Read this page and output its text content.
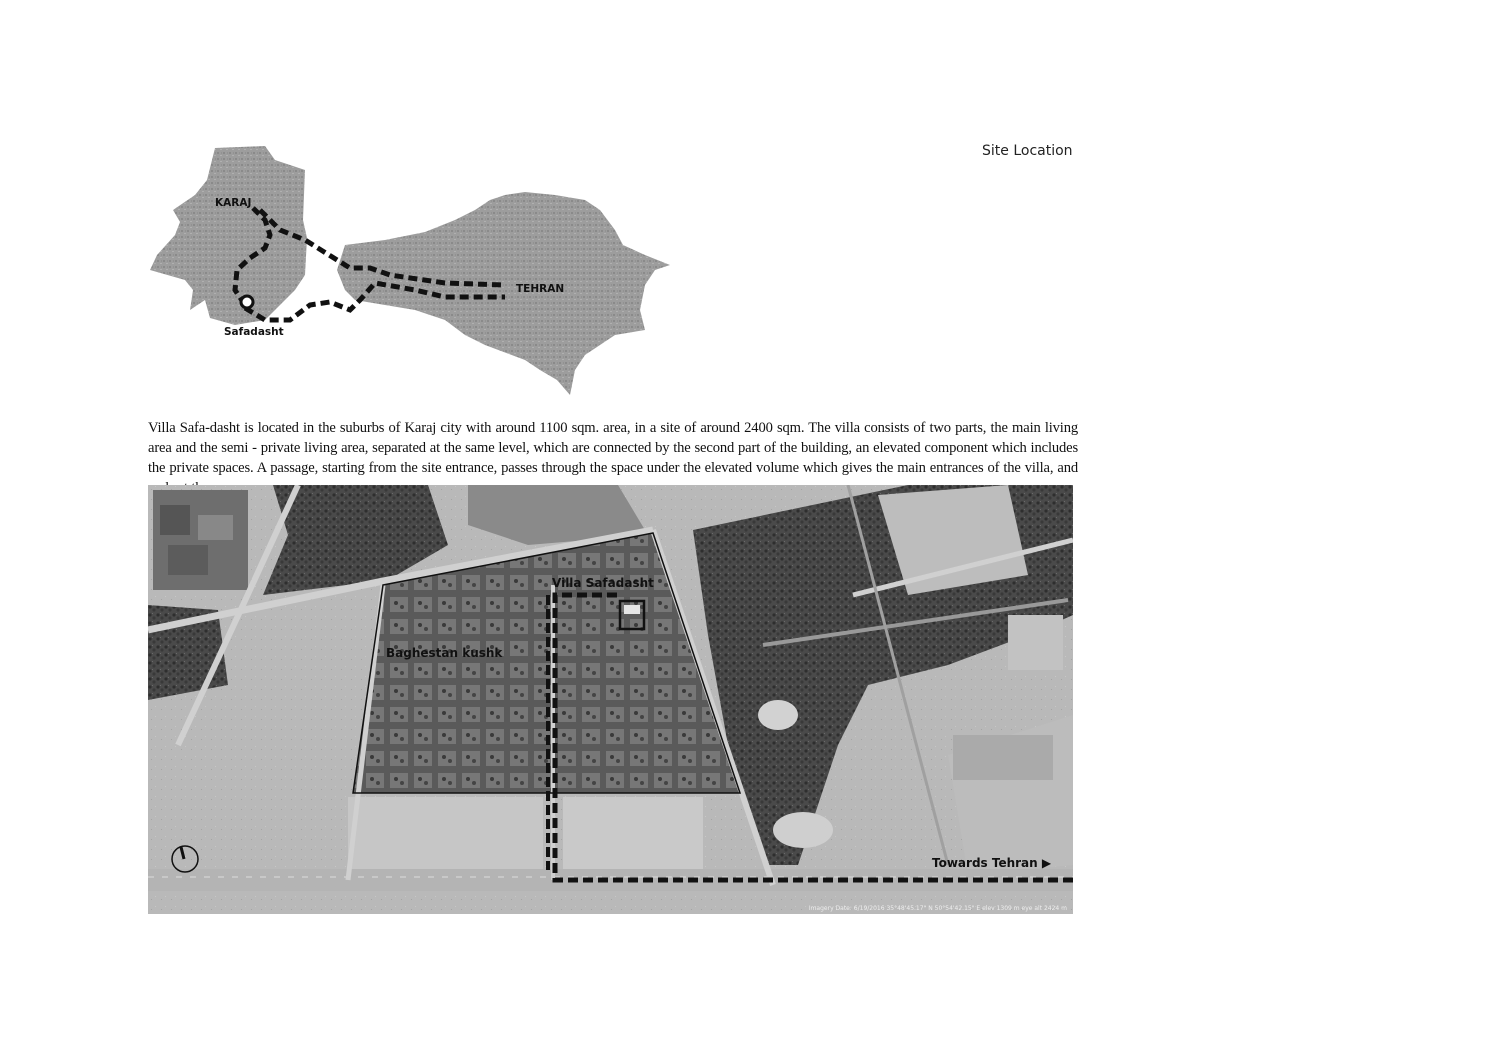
Site Location
KARAJ
TEHRAN
Safadasht

Villa Safa-dasht is located in the suburbs of Karaj city with around 1100 sqm. area, in a site of around 2400 sqm. The villa consists of two parts, the main living area and the semi - private living area, separated at the same level, which are connected by the second part of the building, an elevated component which includes the private spaces. A passage, starting from the site entrance, passes through the space under the elevated volume which gives the main entrances of the villa, and

Villa Safadasht
Baghestan kushk
Towards Tehran ▶
Imagery Date: 6/19/2016 35°48'45.17" N 50°54'42.15" E elev 1309 m eye alt 2424 m
